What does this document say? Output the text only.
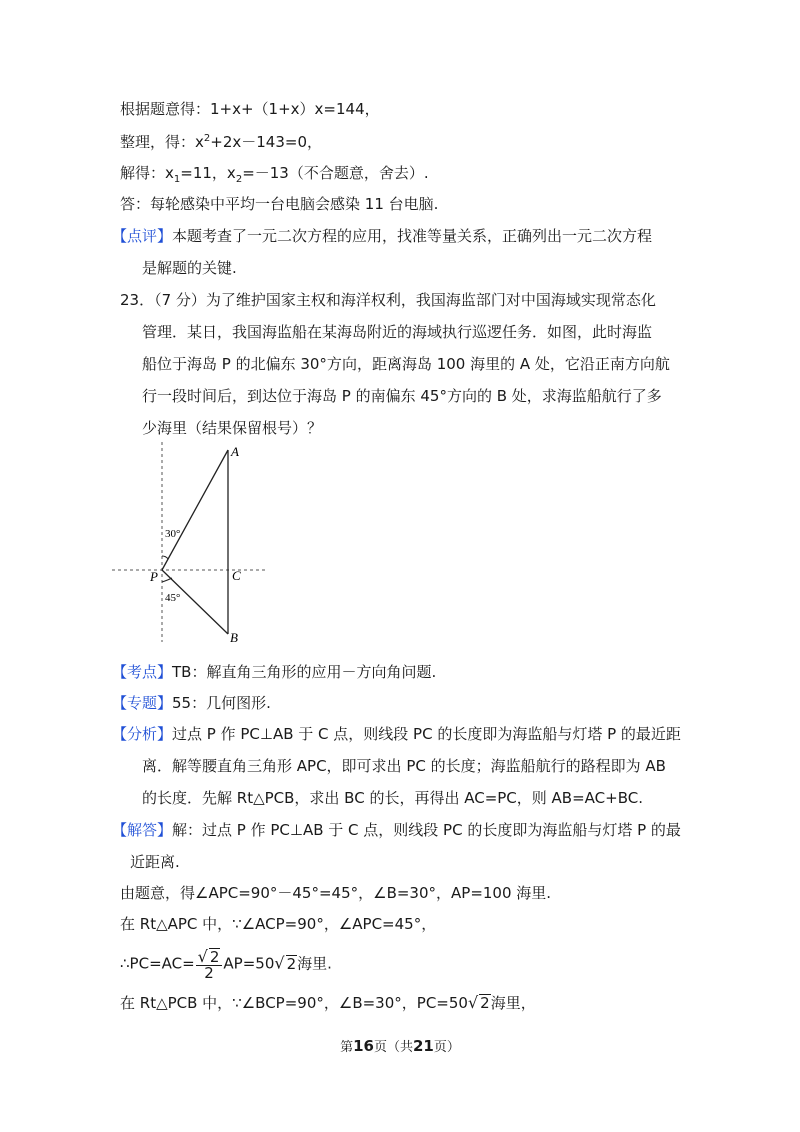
根据题意得：1+x+（1+x）x=144，
整理，得：$x^2+2x-143=0$，
解得：$x_1=11$，$x_2=-13$（不合题意，舍去）.
答：每轮感染中平均一台电脑会感染 11 台电脑.
【点评】本题考查了一元二次方程的应用，找准等量关系，正确列出一元二次方程
是解题的关键.
23．（7 分）为了维护国家主权和海洋权利，我国海监部门对中国海域实现常态化
管理．某日，我国海监船在某海岛附近的海域执行巡逻任务．如图，此时海监
船位于海岛 P 的北偏东 30°方向，距离海岛 100 海里的 A 处，它沿正南方向航
行一段时间后，到达位于海岛 P 的南偏东 45°方向的 B 处，求海监船航行了多
少海里（结果保留根号）？
A
B
C
P
30°
45°
【考点】TB：解直角三角形的应用－方向角问题.
【专题】55：几何图形.
【分析】过点 P 作 PC⊥AB 于 C 点，则线段 PC 的长度即为海监船与灯塔 P 的最近距
离．解等腰直角三角形 APC，即可求出 PC 的长度；海监船航行的路程即为 AB
的长度．先解 Rt△PCB，求出 BC 的长，再得出 AC=PC，则 AB=AC+BC.
【解答】解：过点 P 作 PC⊥AB 于 C 点，则线段 PC 的长度即为海监船与灯塔 P 的最
近距离.
由题意，得∠APC=90°－45°=45°，∠B=30°，AP=100 海里.
在 Rt△APC 中，∵∠ACP=90°，∠APC=45°，
∴PC=AC= $\frac{√ 2}{2} AP=50√$ 2海里.
在 Rt△PCB 中，∵∠BCP=90°，∠B=30°，PC=50√ 2海里，
第16页（共21页）
